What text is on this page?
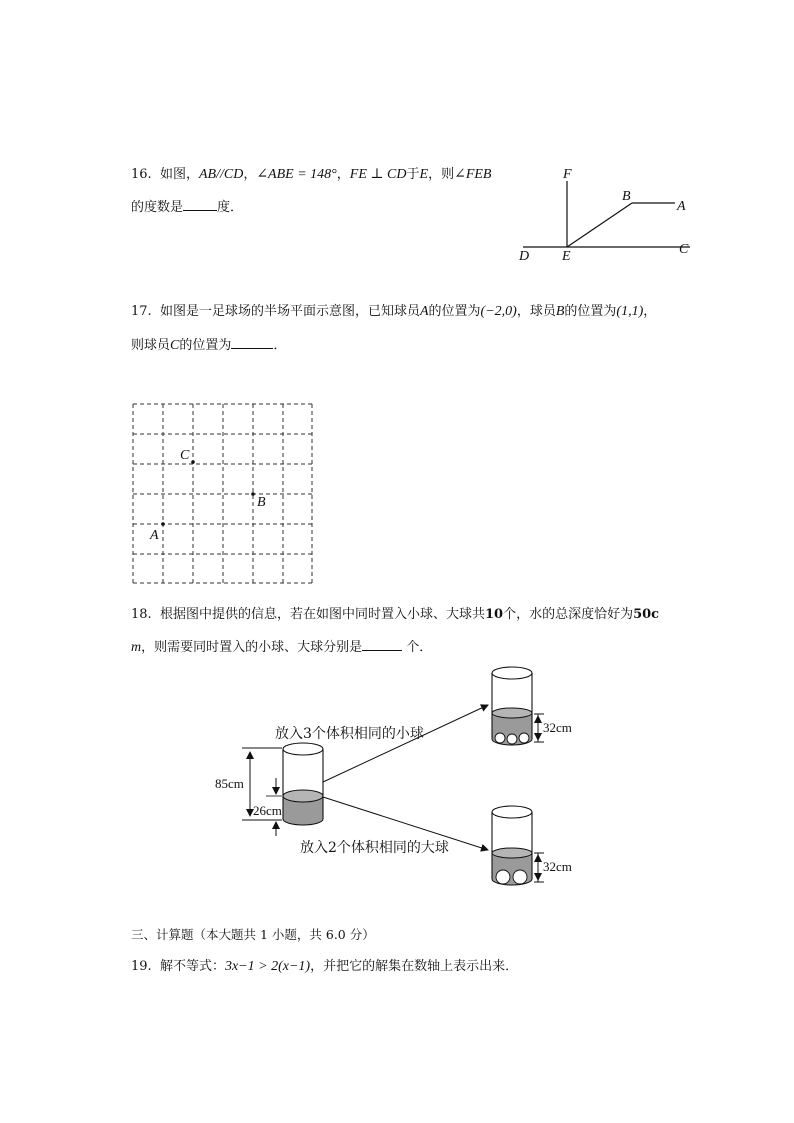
16. 如图，AB//CD，∠ABE = 148°，FE ⊥ CD于E，则∠FEB
的度数是	度．
F
B
A
D E	C
17. 如图是一足球场的半场平面示意图，已知球员A的位置为(−2,0)，球员B的位置为(1,1)，
则球员C的位置为	．
C
B
A
18. 根据图中提供的信息，若在如图中同时置入小球、大球共10个，水的总深度恰好为50c
m，则需要同时置入的小球、大球分别是	个．
放入3个体积相同的小球
放入2个体积相同的大球
85cm
26cm
32cm
32cm
三、计算题（本大题共 1 小题，共 6.0 分）
19. 解不等式：3x−1 > 2(x−1)，并把它的解集在数轴上表示出来．
